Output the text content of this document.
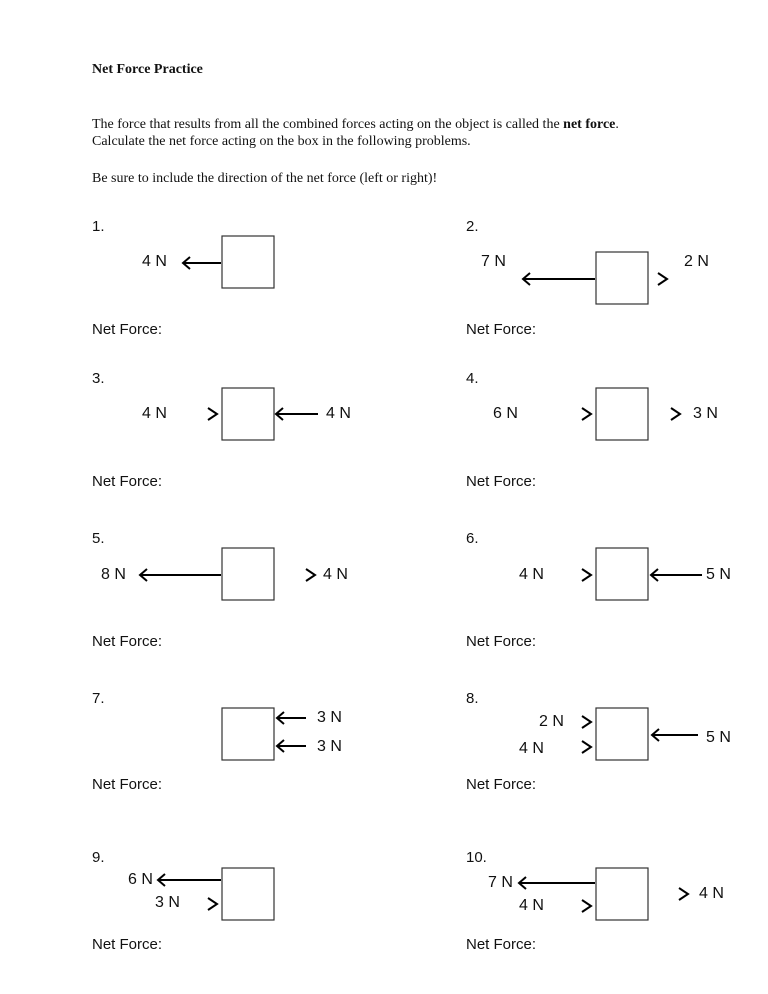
Net Force Practice
The force that results from all the combined forces acting on the object is called the net force. Calculate the net force acting on the box in the following problems.
Be sure to include the direction of the net force (left or right)!
1.	2.
3.	4.
5.	6.
7.	8.
9.	10.
4 N	7 N	2 N
4 N	4 N	6 N	3 N
8 N	4 N	4 N	5 N
3 N
3 N
2 N
4 N
5 N
6 N
3 N
7 N
4 N
4 N
Net Force:	Net Force:
Net Force:	Net Force:
Net Force:	Net Force:
Net Force:	Net Force:
Net Force:	Net Force:
